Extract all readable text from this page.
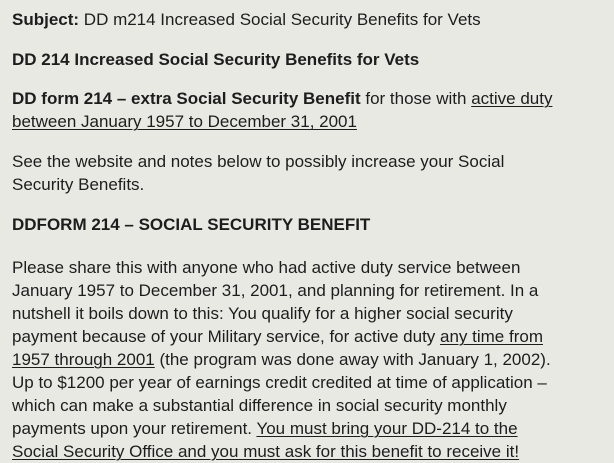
Subject: DD m214 Increased Social Security Benefits for Vets

DD 214 Increased Social Security Benefits for Vets

DD form 214 – extra Social Security Benefit for those with active duty
between January 1957 to December 31, 2001

See the website and notes below to possibly increase your Social
Security Benefits.

DDFORM 214 – SOCIAL SECURITY BENEFIT

Please share this with anyone who had active duty service between
January 1957 to December 31, 2001, and planning for retirement. In a
nutshell it boils down to this: You qualify for a higher social security
payment because of your Military service, for active duty any time from
1957 through 2001 (the program was done away with January 1, 2002).
Up to $1200 per year of earnings credit credited at time of application –
which can make a substantial difference in social security monthly
payments upon your retirement. You must bring your DD-214 to the
Social Security Office and you must ask for this benefit to receive it!
